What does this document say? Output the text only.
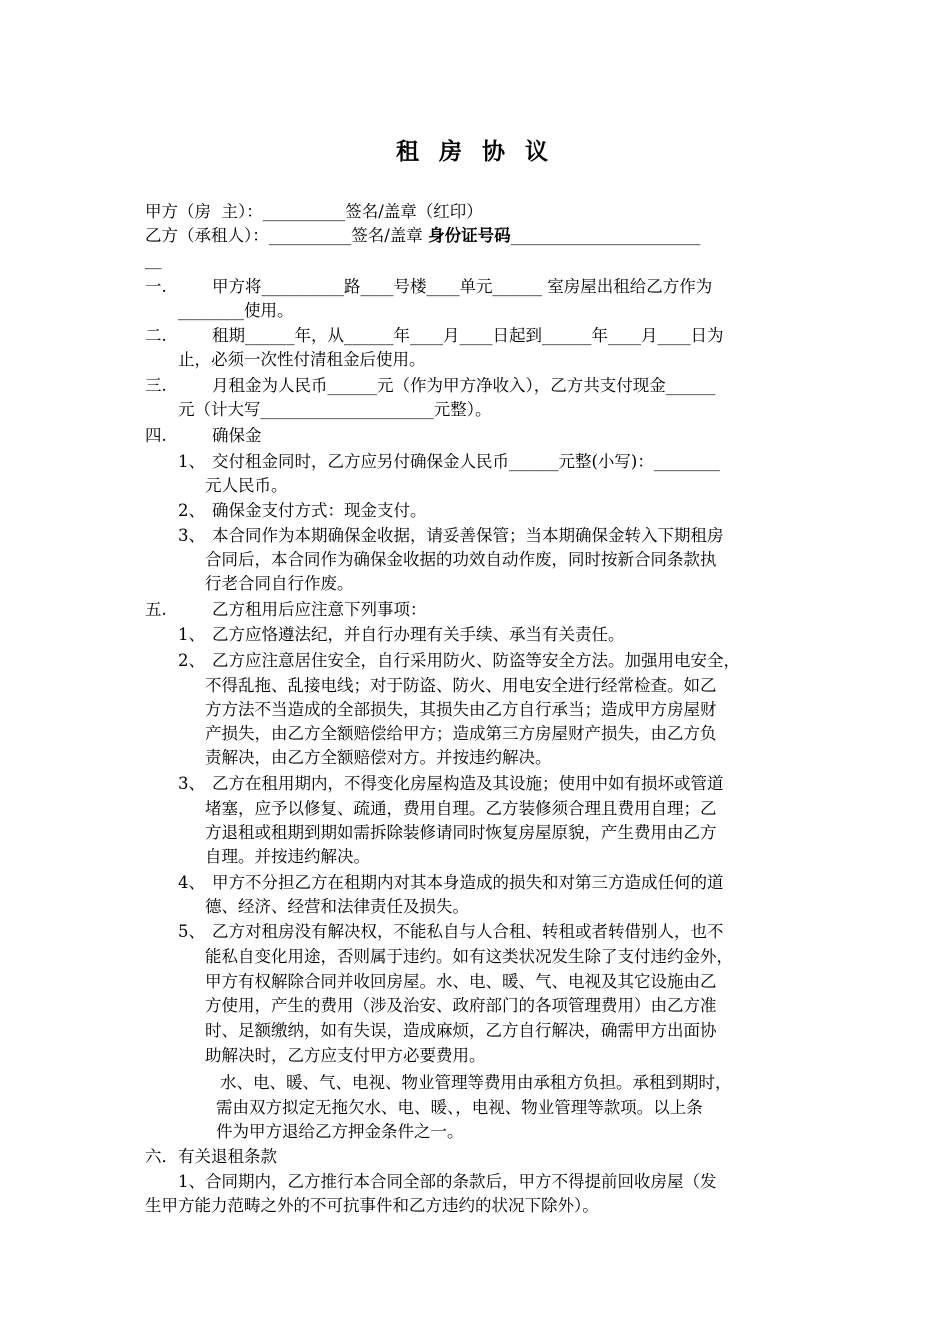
租 房 协 议
甲方（房  主）：__________签名/盖章（红印）
乙方（承租人）：__________签名/盖章 身份证号码_______________________
__
一.	甲方将__________路____号楼____单元______ 室房屋出租给乙方作为
________使用。
二.	租期______年，从______年____月____日起到______年____月____日为
止，必须一次性付清租金后使用。
三.	月租金为人民币______元（作为甲方净收入），乙方共支付现金______
元（计大写_____________________元整）。
四.	确保金
1、 交付租金同时，乙方应另付确保金人民币______元整(小写)：________
元人民币。
2、 确保金支付方式：现金支付。
3、 本合同作为本期确保金收据，请妥善保管；当本期确保金转入下期租房
合同后，本合同作为确保金收据的功效自动作废，同时按新合同条款执
行老合同自行作废。
五.	乙方租用后应注意下列事项：
1、 乙方应恪遵法纪，并自行办理有关手续、承当有关责任。
2、 乙方应注意居住安全，自行采用防火、防盗等安全方法。加强用电安全，
不得乱拖、乱接电线；对于防盗、防火、用电安全进行经常检查。如乙
方方法不当造成的全部损失，其损失由乙方自行承当；造成甲方房屋财
产损失，由乙方全额赔偿给甲方；造成第三方房屋财产损失，由乙方负
责解决，由乙方全额赔偿对方。并按违约解决。
3、 乙方在租用期内，不得变化房屋构造及其设施；使用中如有损坏或管道
堵塞，应予以修复、疏通，费用自理。乙方装修须合理且费用自理；乙
方退租或租期到期如需拆除装修请同时恢复房屋原貌，产生费用由乙方
自理。并按违约解决。
4、 甲方不分担乙方在租期内对其本身造成的损失和对第三方造成任何的道
德、经济、经营和法律责任及损失。
5、 乙方对租房没有解决权，不能私自与人合租、转租或者转借别人，也不
能私自变化用途，否则属于违约。如有这类状况发生除了支付违约金外，
甲方有权解除合同并收回房屋。水、电、暖、气、电视及其它设施由乙
方使用，产生的费用（涉及治安、政府部门的各项管理费用）由乙方准
时、足额缴纳，如有失误，造成麻烦，乙方自行解决，确需甲方出面协
助解决时，乙方应支付甲方必要费用。
水、电、暖、气、电视、物业管理等费用由承租方负担。承租到期时，
需由双方拟定无拖欠水、电、暖、，电视、物业管理等款项。以上条
件为甲方退给乙方押金条件之一。
六．有关退租条款
1、合同期内，乙方推行本合同全部的条款后，甲方不得提前回收房屋（发
生甲方能力范畴之外的不可抗事件和乙方违约的状况下除外）。
